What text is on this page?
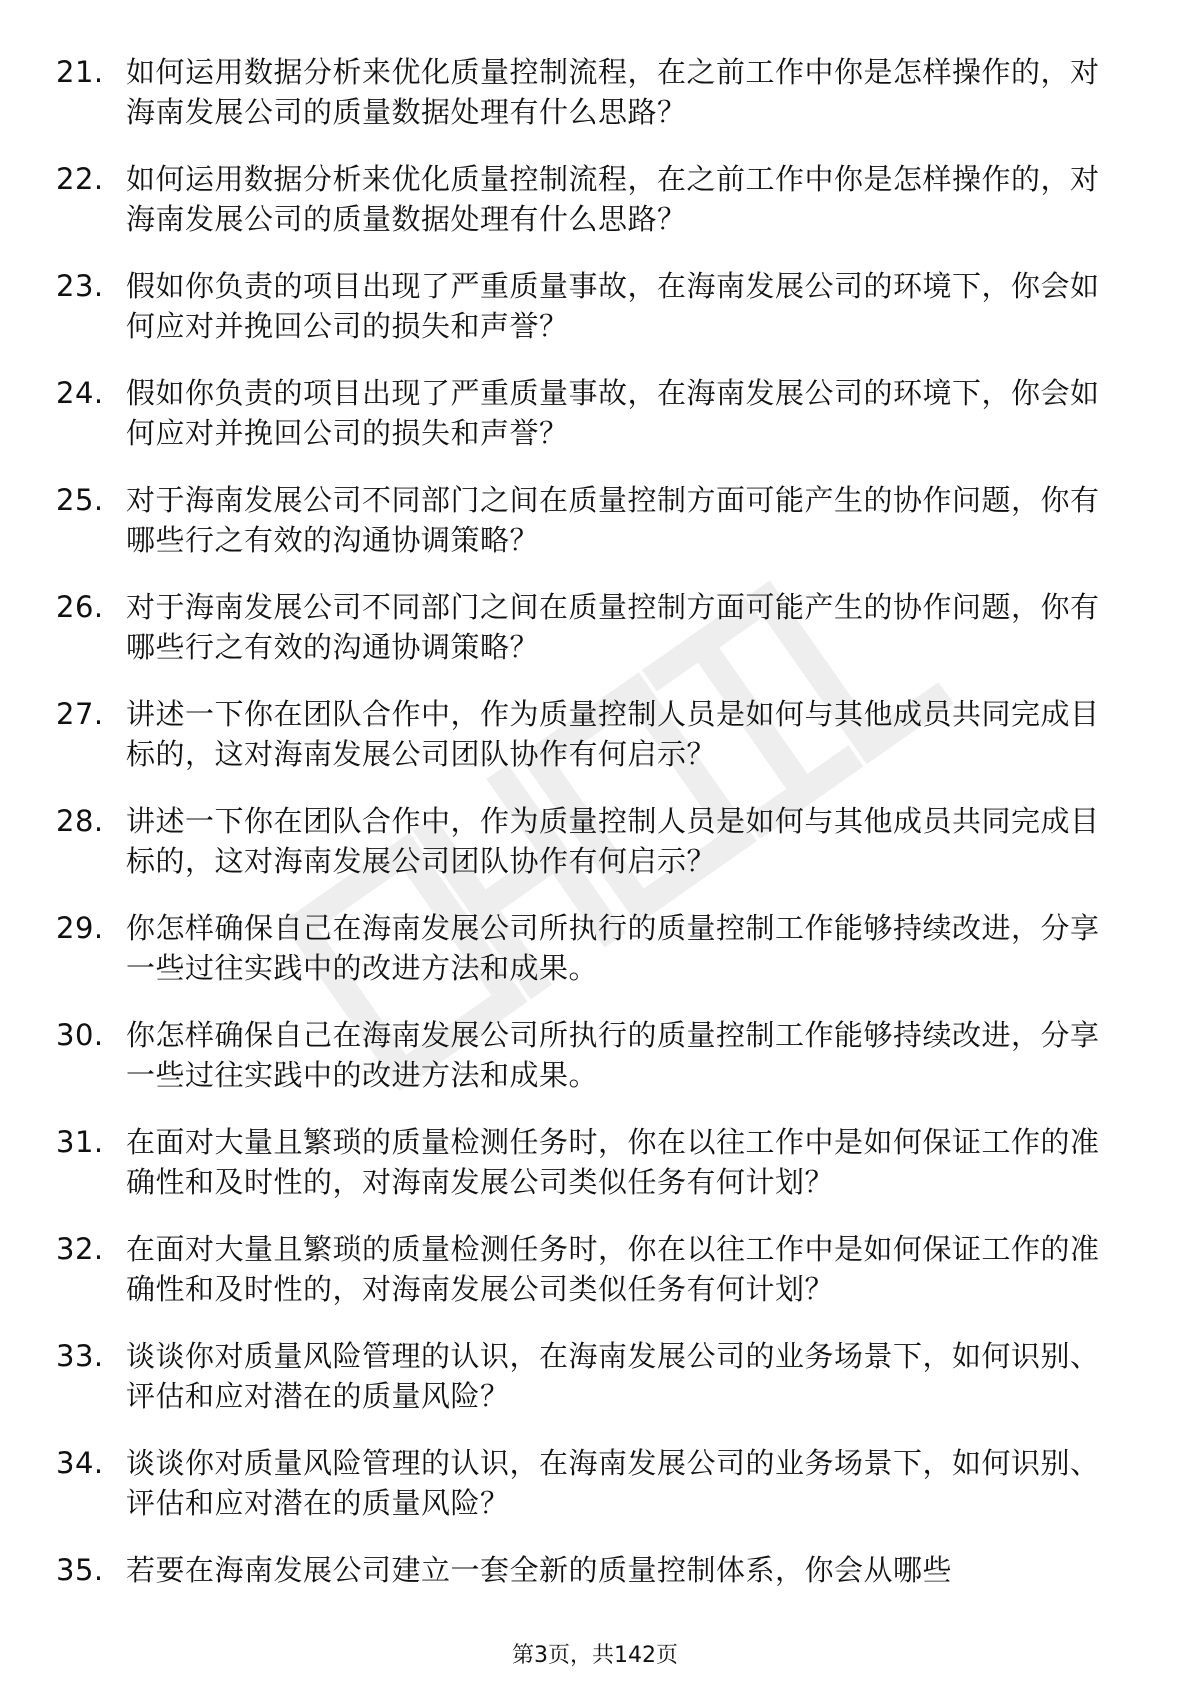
21. 如何运用数据分析来优化质量控制流程，在之前工作中你是怎样操作的，对海南发展公司的质量数据处理有什么思路？
22. 如何运用数据分析来优化质量控制流程，在之前工作中你是怎样操作的，对海南发展公司的质量数据处理有什么思路？
23. 假如你负责的项目出现了严重质量事故，在海南发展公司的环境下，你会如何应对并挽回公司的损失和声誉？
24. 假如你负责的项目出现了严重质量事故，在海南发展公司的环境下，你会如何应对并挽回公司的损失和声誉？
25. 对于海南发展公司不同部门之间在质量控制方面可能产生的协作问题，你有哪些行之有效的沟通协调策略？
26. 对于海南发展公司不同部门之间在质量控制方面可能产生的协作问题，你有哪些行之有效的沟通协调策略？
27. 讲述一下你在团队合作中，作为质量控制人员是如何与其他成员共同完成目标的，这对海南发展公司团队协作有何启示？
28. 讲述一下你在团队合作中，作为质量控制人员是如何与其他成员共同完成目标的，这对海南发展公司团队协作有何启示？
29. 你怎样确保自己在海南发展公司所执行的质量控制工作能够持续改进，分享一些过往实践中的改进方法和成果。
30. 你怎样确保自己在海南发展公司所执行的质量控制工作能够持续改进，分享一些过往实践中的改进方法和成果。
31. 在面对大量且繁琐的质量检测任务时，你在以往工作中是如何保证工作的准确性和及时性的，对海南发展公司类似任务有何计划？
32. 在面对大量且繁琐的质量检测任务时，你在以往工作中是如何保证工作的准确性和及时性的，对海南发展公司类似任务有何计划？
33. 谈谈你对质量风险管理的认识，在海南发展公司的业务场景下，如何识别、评估和应对潜在的质量风险？
34. 谈谈你对质量风险管理的认识，在海南发展公司的业务场景下，如何识别、评估和应对潜在的质量风险？
35. 若要在海南发展公司建立一套全新的质量控制体系，你会从哪些
第3页，共142页
